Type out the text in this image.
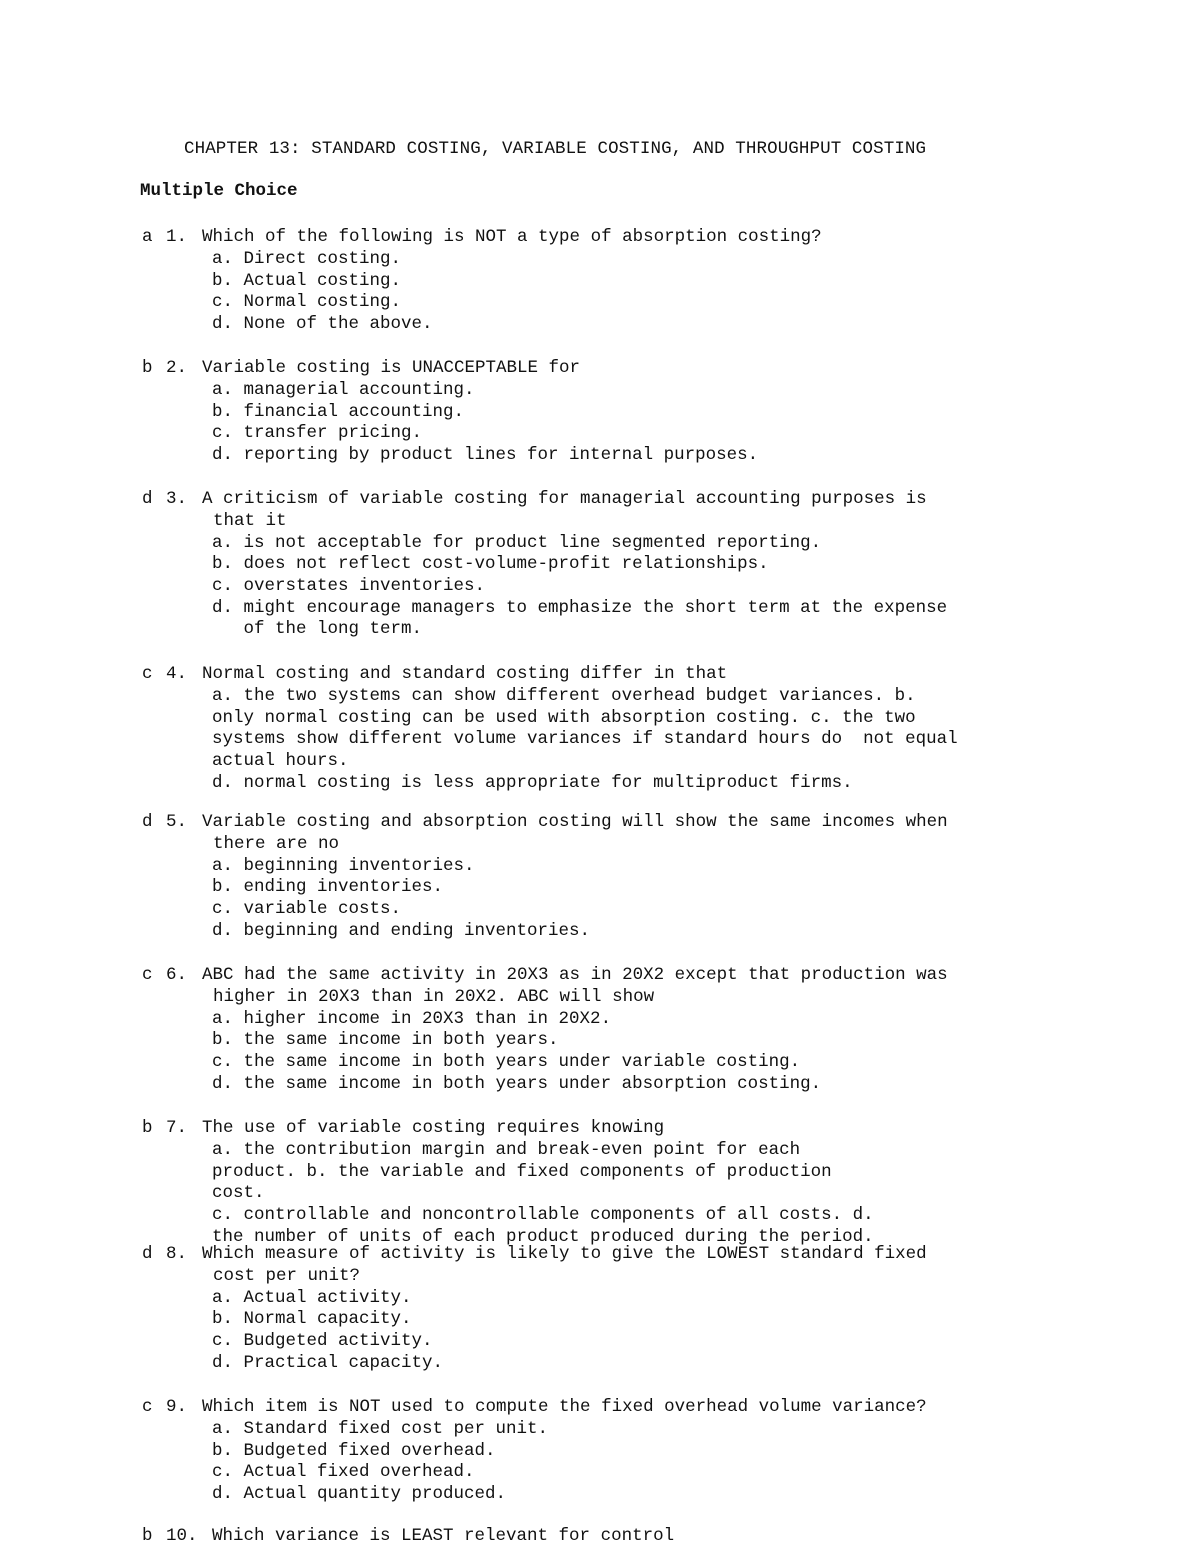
CHAPTER 13: STANDARD COSTING, VARIABLE COSTING, AND THROUGHPUT COSTING
Multiple Choice
a 1. Which of the following is NOT a type of absorption costing?
a. Direct costing.
b. Actual costing.
c. Normal costing.
d. None of the above.
b 2. Variable costing is UNACCEPTABLE for
a. managerial accounting.
b. financial accounting.
c. transfer pricing.
d. reporting by product lines for internal purposes.
d 3. A criticism of variable costing for managerial accounting purposes is
that it
a. is not acceptable for product line segmented reporting.
b. does not reflect cost-volume-profit relationships.
c. overstates inventories.
d. might encourage managers to emphasize the short term at the expense
of the long term.
c 4. Normal costing and standard costing differ in that
a. the two systems can show different overhead budget variances. b.
only normal costing can be used with absorption costing. c. the two
systems show different volume variances if standard hours do  not equal
actual hours.
d. normal costing is less appropriate for multiproduct firms.
d 5. Variable costing and absorption costing will show the same incomes when
there are no
a. beginning inventories.
b. ending inventories.
c. variable costs.
d. beginning and ending inventories.
c 6. ABC had the same activity in 20X3 as in 20X2 except that production was
higher in 20X3 than in 20X2. ABC will show
a. higher income in 20X3 than in 20X2.
b. the same income in both years.
c. the same income in both years under variable costing.
d. the same income in both years under absorption costing.
b 7. The use of variable costing requires knowing
a. the contribution margin and break-even point for each
product. b. the variable and fixed components of production
cost.
c. controllable and noncontrollable components of all costs. d.
the number of units of each product produced during the period.
d 8. Which measure of activity is likely to give the LOWEST standard fixed
cost per unit?
a. Actual activity.
b. Normal capacity.
c. Budgeted activity.
d. Practical capacity.
c 9. Which item is NOT used to compute the fixed overhead volume variance?
a. Standard fixed cost per unit.
b. Budgeted fixed overhead.
c. Actual fixed overhead.
d. Actual quantity produced.
b 10. Which variance is LEAST relevant for control
